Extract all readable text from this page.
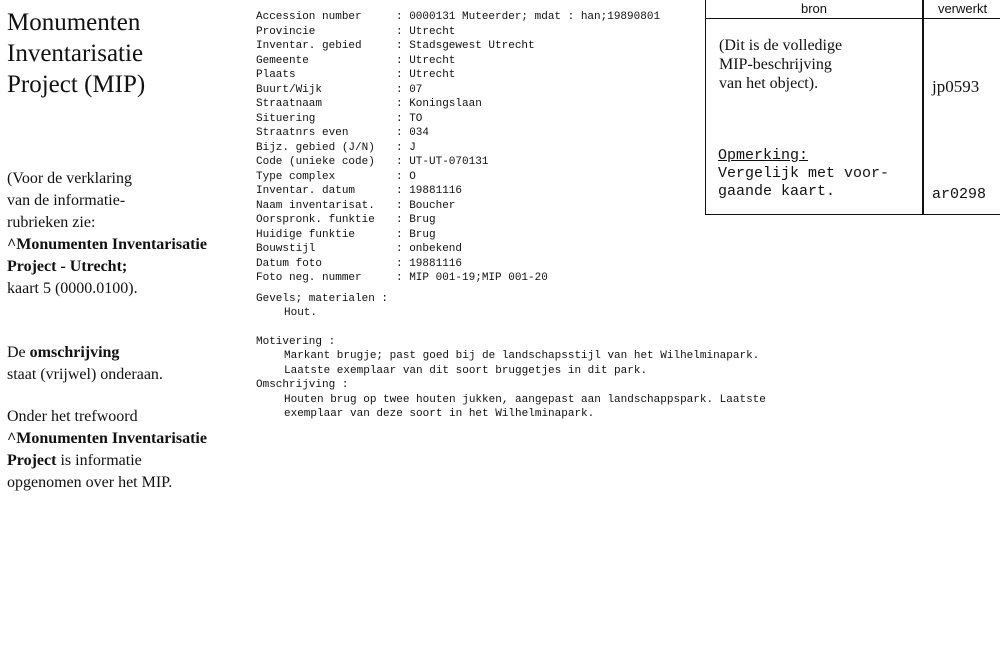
Monumenten
Inventarisatie
Project (MIP)

(Voor de verklaring
van de informatie-
rubrieken zie:
^Monumenten Inventarisatie
Project - Utrecht;
kaart 5 (0000.0100).

De omschrijving
staat (vrijwel) onderaan.

Onder het trefwoord
^Monumenten Inventarisatie
Project is informatie
opgenomen over het MIP.

Accession number	: 0000131 Muteerder; mdat : han;19890801
Provincie	: Utrecht
Inventar. gebied	: Stadsgewest Utrecht
Gemeente	: Utrecht
Plaats	: Utrecht
Buurt/Wijk	: 07
Straatnaam	: Koningslaan
Situering	: TO
Straatnrs even	: 034
Bijz. gebied (J/N)	: J
Code (unieke code)	: UT-UT-070131
Type complex	: O
Inventar. datum	: 19881116
Naam inventarisat.	: Boucher
Oorspronk. funktie	: Brug
Huidige funktie	: Brug
Bouwstijl	: onbekend
Datum foto	: 19881116
Foto neg. nummer	: MIP 001-19;MIP 001-20
Gevels; materialen :
Hout.
Motivering :
Markant brugje; past goed bij de landschapsstijl van het Wilhelminapark.
Laatste exemplaar van dit soort bruggetjes in dit park.
Omschrijving :
Houten brug op twee houten jukken, aangepast aan landschappspark. Laatste
exemplaar van deze soort in het Wilhelminapark.
bron	verwerkt

(Dit is de volledige
MIP-beschrijving
van het object).	jp0593
Opmerking:
Vergelijk met voor-
gaande kaart.	ar0298
